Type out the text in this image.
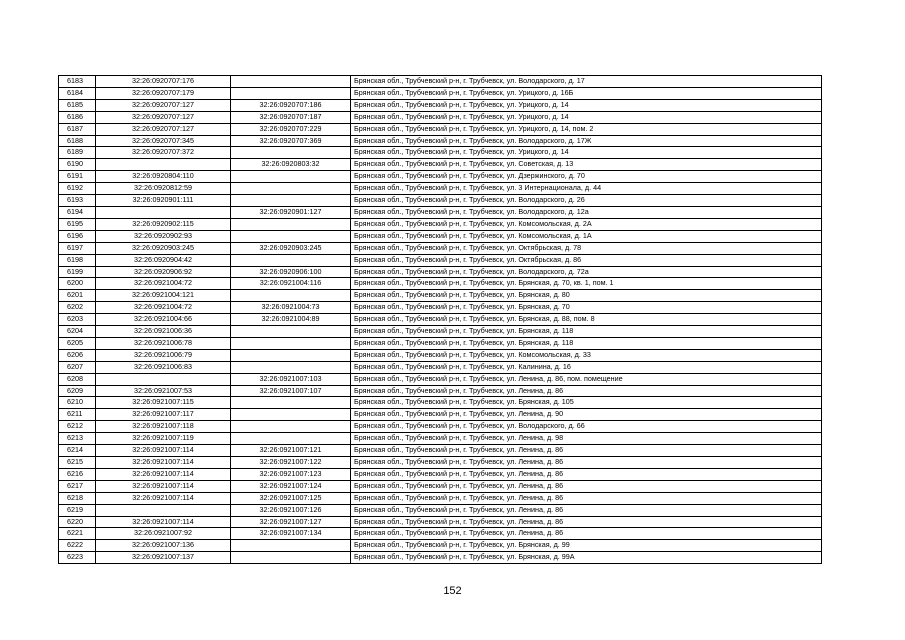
6183	32:26:0920707:176		Брянская обл., Трубчевский р-н, г. Трубчевск, ул. Володарского, д. 17
6184	32:26:0920707:179		Брянская обл., Трубчевский р-н, г. Трубчевск, ул. Урицкого, д. 16Б
6185	32:26:0920707:127	32:26:0920707:186	Брянская обл., Трубчевский р-н, г. Трубчевск, ул. Урицкого, д. 14
6186	32:26:0920707:127	32:26:0920707:187	Брянская обл., Трубчевский р-н, г. Трубчевск, ул. Урицкого, д. 14
6187	32:26:0920707:127	32:26:0920707:229	Брянская обл., Трубчевский р-н, г. Трубчевск, ул. Урицкого, д. 14, пом. 2
6188	32:26:0920707:345	32:26:0920707:369	Брянская обл., Трубчевский р-н, г. Трубчевск, ул. Володарского, д. 17Ж
6189	32:26:0920707:372		Брянская обл., Трубчевский р-н, г. Трубчевск, ул. Урицкого, д. 14
6190		32:26:0920803:32	Брянская обл., Трубчевский р-н, г. Трубчевск, ул. Советская, д. 13
6191	32:26:0920804:110		Брянская обл., Трубчевский р-н, г. Трубчевск, ул. Дзержинского, д. 70
6192	32:26:0920812:59		Брянская обл., Трубчевский р-н, г. Трубчевск, ул. 3 Интернационала, д. 44
6193	32:26:0920901:111		Брянская обл., Трубчевский р-н, г. Трубчевск, ул. Володарского, д. 26
6194		32:26:0920901:127	Брянская обл., Трубчевский р-н, г. Трубчевск, ул. Володарского, д. 12а
6195	32:26:0920902:115		Брянская обл., Трубчевский р-н, г. Трубчевск, ул. Комсомольская, д. 2А
6196	32:26:0920902:93		Брянская обл., Трубчевский р-н, г. Трубчевск, ул. Комсомольская, д. 1А
6197	32:26:0920903:245	32:26:0920903:245	Брянская обл., Трубчевский р-н, г. Трубчевск, ул. Октябрьская, д. 78
6198	32:26:0920904:42		Брянская обл., Трубчевский р-н, г. Трубчевск, ул. Октябрьская, д. 86
6199	32:26:0920906:92	32:26:0920906:100	Брянская обл., Трубчевский р-н, г. Трубчевск, ул. Володарского, д. 72а
6200	32:26:0921004:72	32:26:0921004:116	Брянская обл., Трубчевский р-н, г. Трубчевск, ул. Брянская, д. 70, кв. 1, пом. 1
6201	32:26:0921004:121		Брянская обл., Трубчевский р-н, г. Трубчевск, ул. Брянская, д. 80
6202	32:26:0921004:72	32:26:0921004:73	Брянская обл., Трубчевский р-н, г. Трубчевск, ул. Брянская, д. 70
6203	32:26:0921004:66	32:26:0921004:89	Брянская обл., Трубчевский р-н, г. Трубчевск, ул. Брянская, д. 88, пом. 8
6204	32:26:0921006:36		Брянская обл., Трубчевский р-н, г. Трубчевск, ул. Брянская, д. 118
6205	32:26:0921006:78		Брянская обл., Трубчевский р-н, г. Трубчевск, ул. Брянская, д. 118
6206	32:26:0921006:79		Брянская обл., Трубчевский р-н, г. Трубчевск, ул. Комсомольская, д. 33
6207	32:26:0921006:83		Брянская обл., Трубчевский р-н, г. Трубчевск, ул. Калинина, д. 16
6208		32:26:0921007:103	Брянская обл., Трубчевский р-н, г. Трубчевск, ул. Ленина, д. 86, пом. помещение
6209	32:26:0921007:53	32:26:0921007:107	Брянская обл., Трубчевский р-н, г. Трубчевск, ул. Ленина, д. 86
6210	32:26:0921007:115		Брянская обл., Трубчевский р-н, г. Трубчевск, ул. Брянская, д. 105
6211	32:26:0921007:117		Брянская обл., Трубчевский р-н, г. Трубчевск, ул. Ленина, д. 90
6212	32:26:0921007:118		Брянская обл., Трубчевский р-н, г. Трубчевск, ул. Володарского, д. 66
6213	32:26:0921007:119		Брянская обл., Трубчевский р-н, г. Трубчевск, ул. Ленина, д. 98
6214	32:26:0921007:114	32:26:0921007:121	Брянская обл., Трубчевский р-н, г. Трубчевск, ул. Ленина, д. 86
6215	32:26:0921007:114	32:26:0921007:122	Брянская обл., Трубчевский р-н, г. Трубчевск, ул. Ленина, д. 86
6216	32:26:0921007:114	32:26:0921007:123	Брянская обл., Трубчевский р-н, г. Трубчевск, ул. Ленина, д. 86
6217	32:26:0921007:114	32:26:0921007:124	Брянская обл., Трубчевский р-н, г. Трубчевск, ул. Ленина, д. 86
6218	32:26:0921007:114	32:26:0921007:125	Брянская обл., Трубчевский р-н, г. Трубчевск, ул. Ленина, д. 86
6219		32:26:0921007:126	Брянская обл., Трубчевский р-н, г. Трубчевск, ул. Ленина, д. 86
6220	32:26:0921007:114	32:26:0921007:127	Брянская обл., Трубчевский р-н, г. Трубчевск, ул. Ленина, д. 86
6221	32:26:0921007:92	32:26:0921007:134	Брянская обл., Трубчевский р-н, г. Трубчевск, ул. Ленина, д. 86
6222	32:26:0921007:136		Брянская обл., Трубчевский р-н, г. Трубчевск, ул. Брянская, д. 99
6223	32:26:0921007:137		Брянская обл., Трубчевский р-н, г. Трубчевск, ул. Брянская, д. 99А
152
